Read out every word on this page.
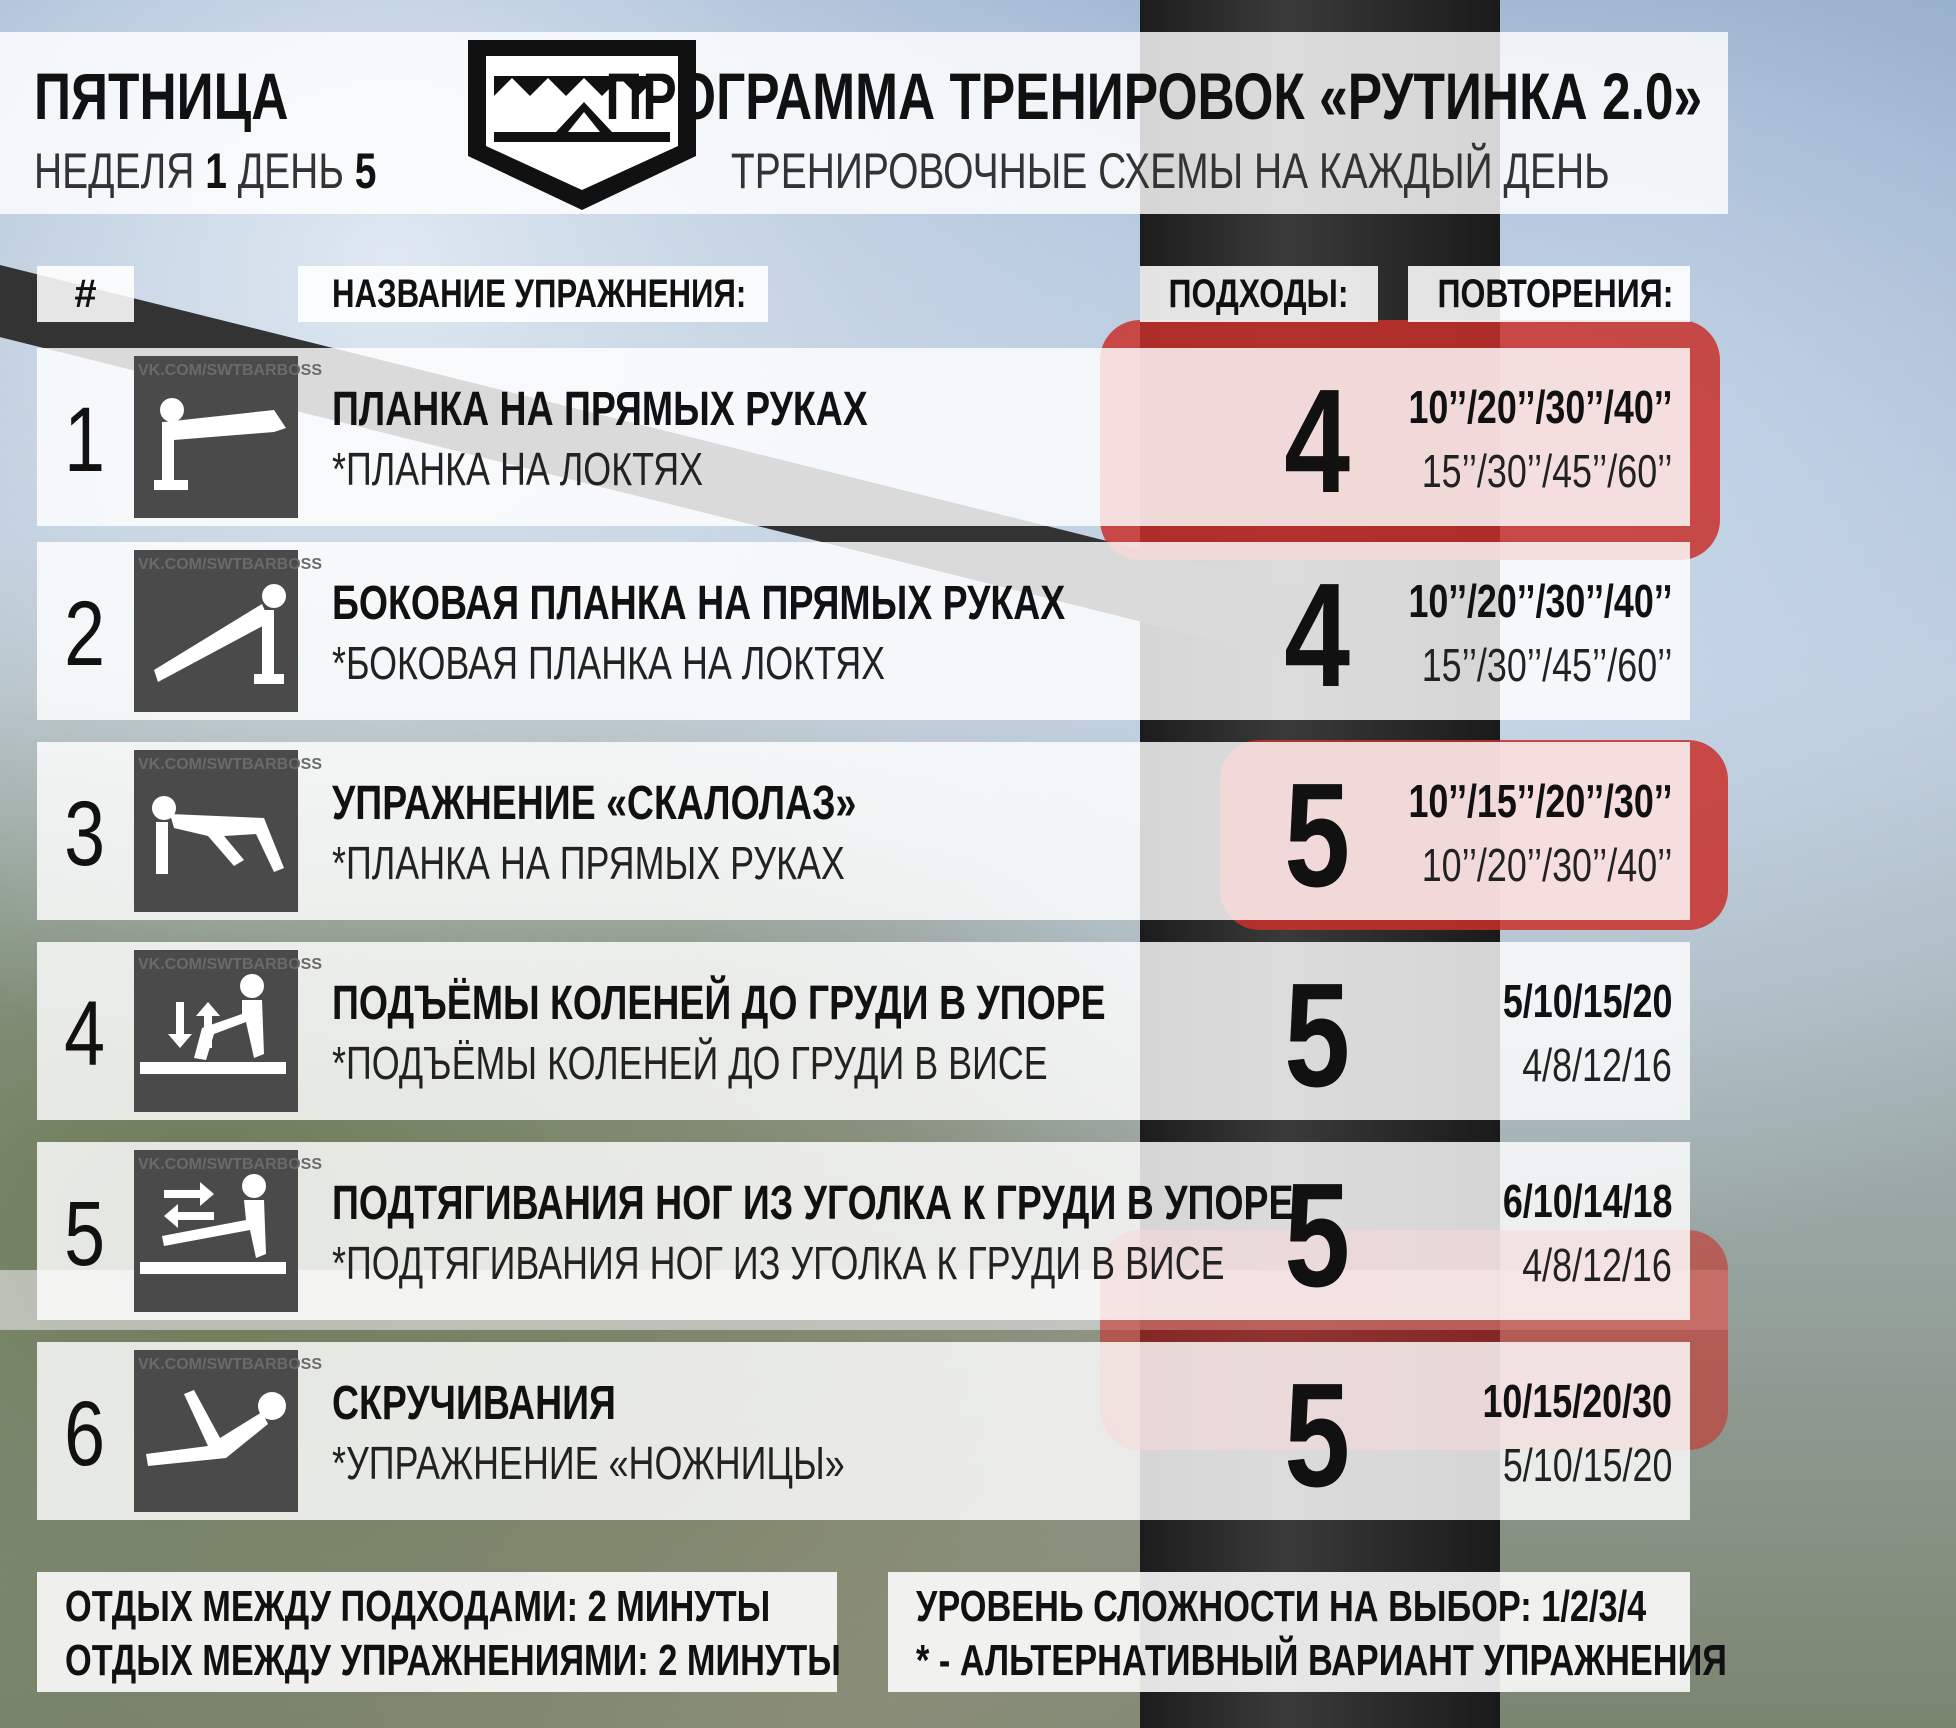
ПЯТНИЦА
НЕДЕЛЯ 1 ДЕНЬ 5
ПРОГРАММА ТРЕНИРОВОК «РУТИНКА 2.0»
ТРЕНИРОВОЧНЫЕ СХЕМЫ НА КАЖДЫЙ ДЕНЬ
#	НАЗВАНИЕ УПРАЖНЕНИЯ:	ПОДХОДЫ:	ПОВТОРЕНИЯ:
1
VK.COM/SWTBARBOSS
ПЛАНКА НА ПРЯМЫХ РУКАХ
*ПЛАНКА НА ЛОКТЯХ	4	10’’/20’’/30’’/40’’
15’’/30’’/45’’/60’’
2
VK.COM/SWTBARBOSS
БОКОВАЯ ПЛАНКА НА ПРЯМЫХ РУКАХ
*БОКОВАЯ ПЛАНКА НА ЛОКТЯХ	4	10’’/20’’/30’’/40’’
15’’/30’’/45’’/60’’
3
VK.COM/SWTBARBOSS
УПРАЖНЕНИЕ «СКАЛОЛАЗ»
*ПЛАНКА НА ПРЯМЫХ РУКАХ	5	10’’/15’’/20’’/30’’
10’’/20’’/30’’/40’’
4
VK.COM/SWTBARBOSS
ПОДЪЁМЫ КОЛЕНЕЙ ДО ГРУДИ В УПОРЕ
*ПОДЪЁМЫ КОЛЕНЕЙ ДО ГРУДИ В ВИСЕ	5	5/10/15/20
4/8/12/16
5
VK.COM/SWTBARBOSS
ПОДТЯГИВАНИЯ НОГ ИЗ УГОЛКА К ГРУДИ В УПОРЕ
*ПОДТЯГИВАНИЯ НОГ ИЗ УГОЛКА К ГРУДИ В ВИСЕ 5	6/10/14/18
4/8/12/16
6
VK.COM/SWTBARBOSS
СКРУЧИВАНИЯ
*УПРАЖНЕНИЕ «НОЖНИЦЫ»	5	10/15/20/30
5/10/15/20
ОТДЫХ МЕЖДУ ПОДХОДАМИ: 2 МИНУТЫ
ОТДЫХ МЕЖДУ УПРАЖНЕНИЯМИ: 2 МИНУТЫ
УРОВЕНЬ СЛОЖНОСТИ НА ВЫБОР: 1/2/3/4
* - АЛЬТЕРНАТИВНЫЙ ВАРИАНТ УПРАЖНЕНИЯ
